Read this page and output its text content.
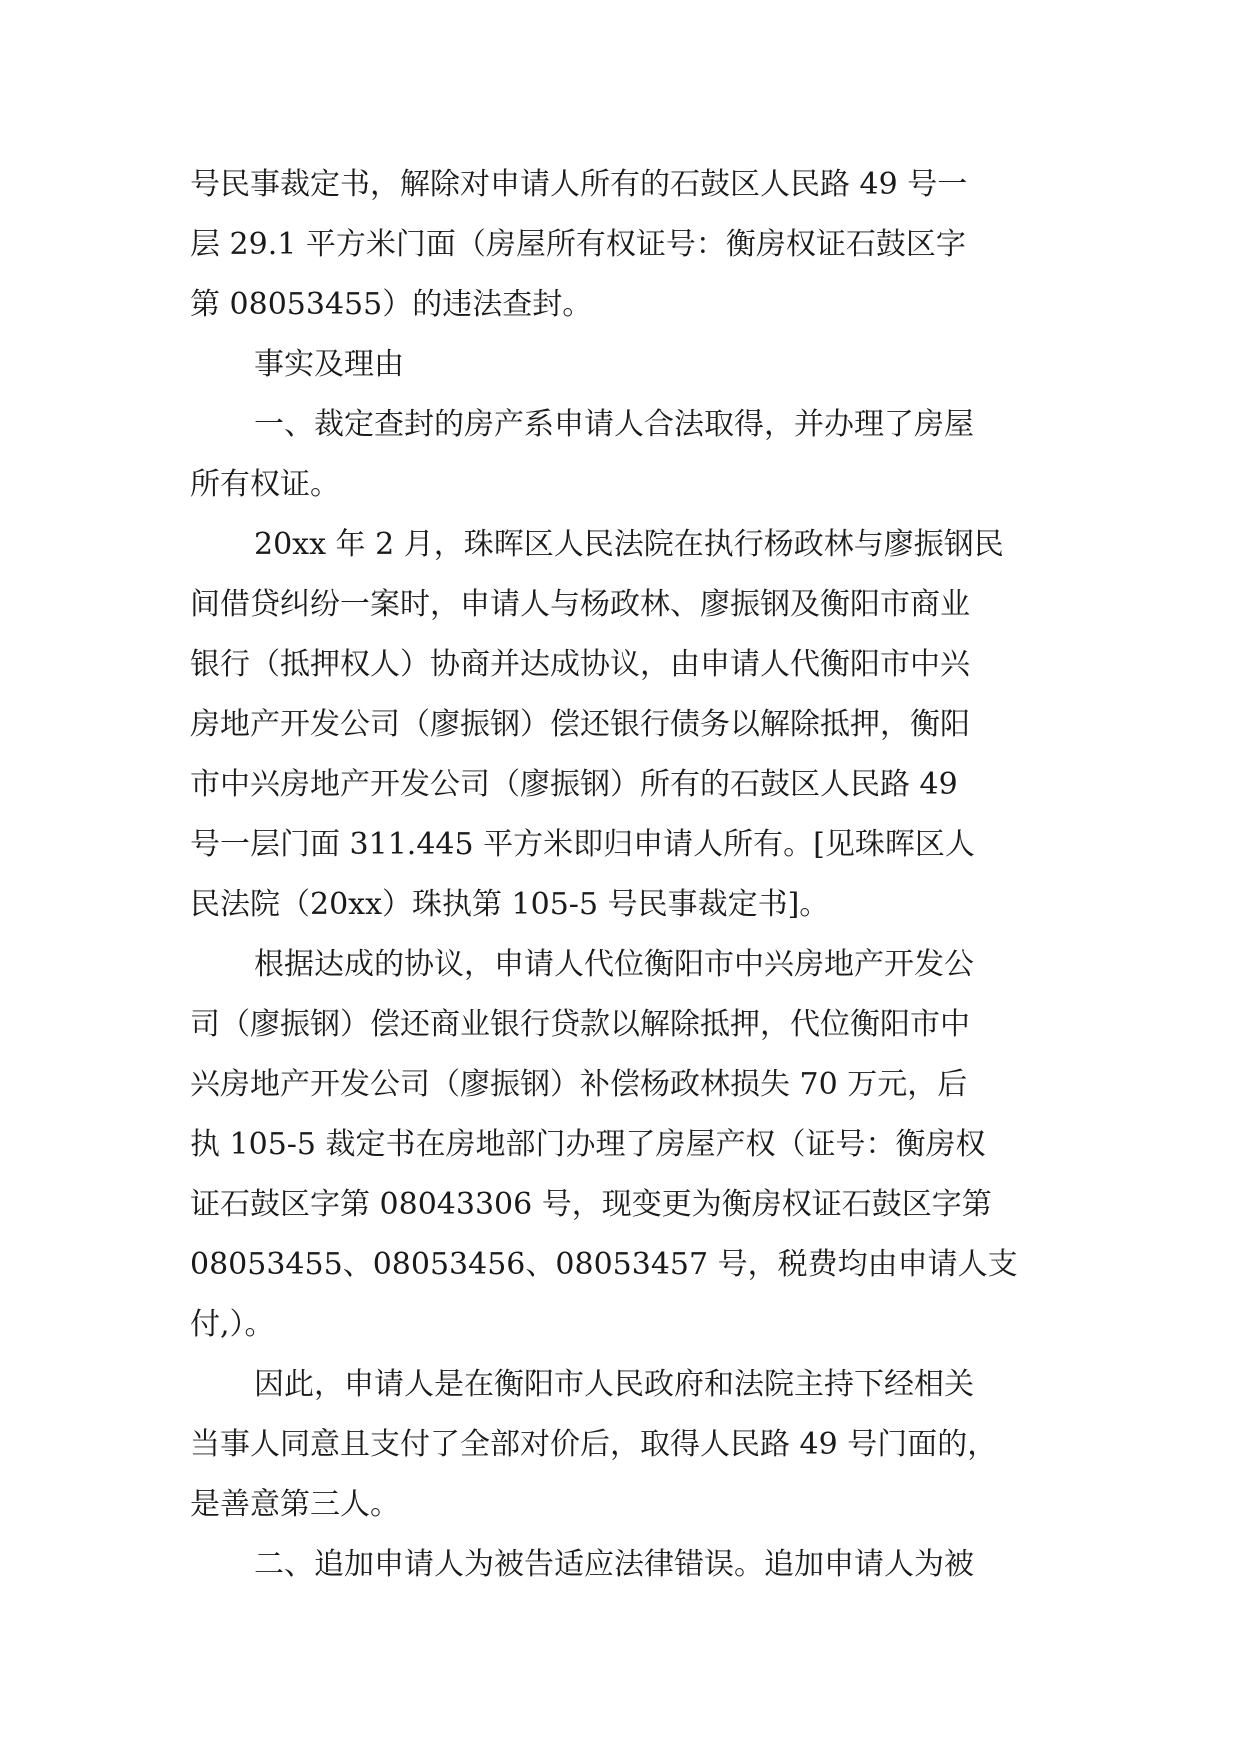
号民事裁定书，解除对申请人所有的石鼓区人民路 49 号一
层 29.1 平方米门面（房屋所有权证号：衡房权证石鼓区字
第 08053455）的违法查封。

事实及理由

一、裁定查封的房产系申请人合法取得，并办理了房屋
所有权证。

20xx 年 2 月，珠晖区人民法院在执行杨政林与廖振钢民
间借贷纠纷一案时，申请人与杨政林、廖振钢及衡阳市商业
银行（抵押权人）协商并达成协议，由申请人代衡阳市中兴
房地产开发公司（廖振钢）偿还银行债务以解除抵押，衡阳
市中兴房地产开发公司（廖振钢）所有的石鼓区人民路 49
号一层门面 311.445 平方米即归申请人所有。[见珠晖区人
民法院（20xx）珠执第 105-5 号民事裁定书]。

根据达成的协议，申请人代位衡阳市中兴房地产开发公
司（廖振钢）偿还商业银行贷款以解除抵押，代位衡阳市中
兴房地产开发公司（廖振钢）补偿杨政林损失 70 万元，后
执 105-5 裁定书在房地部门办理了房屋产权（证号：衡房权
证石鼓区字第 08043306 号，现变更为衡房权证石鼓区字第
08053455、08053456、08053457 号，税费均由申请人支
付,）。

因此，申请人是在衡阳市人民政府和法院主持下经相关
当事人同意且支付了全部对价后，取得人民路 49 号门面的，
是善意第三人。

二、追加申请人为被告适应法律错误。追加申请人为被
